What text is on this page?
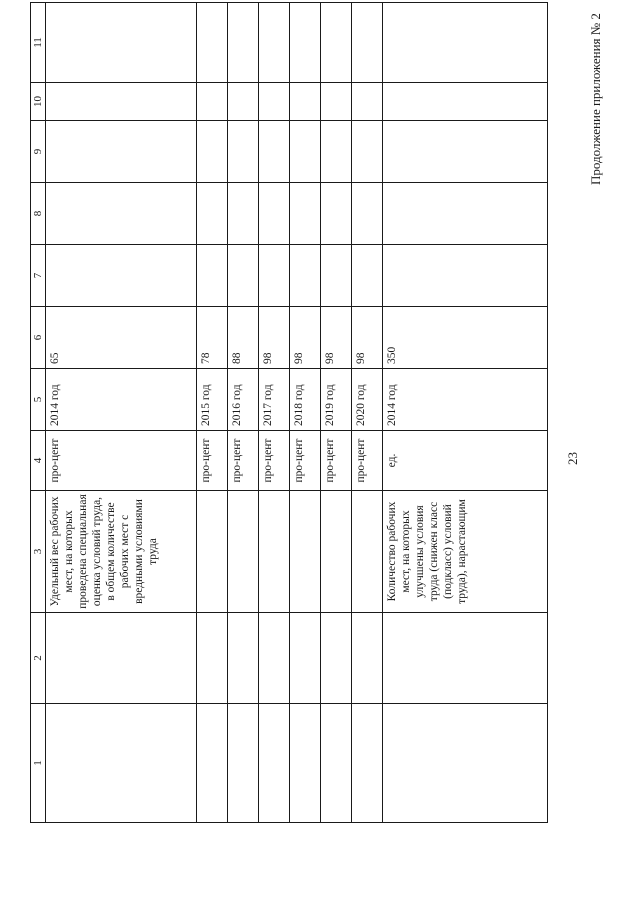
23
Продолжение приложения № 2
1	2	3	4	5	6	7	8	9	10	11
		Удельный вес рабочих мест, на которых проведена специальная оценка условий труда, в общем количестве рабочих мест с вредными условиями труда	про-цент	2014 год	65					
			про-цент	2015 год	78					
			про-цент	2016 год	88					
			про-цент	2017 год	98					
			про-цент	2018 год	98					
			про-цент	2019 год	98					
			про-цент	2020 год	98					
		Количество рабочих мест, на которых улучшены условия труда (снижен класс (подкласс) условий труда), нарастающим	ед.	2014 год	350					
